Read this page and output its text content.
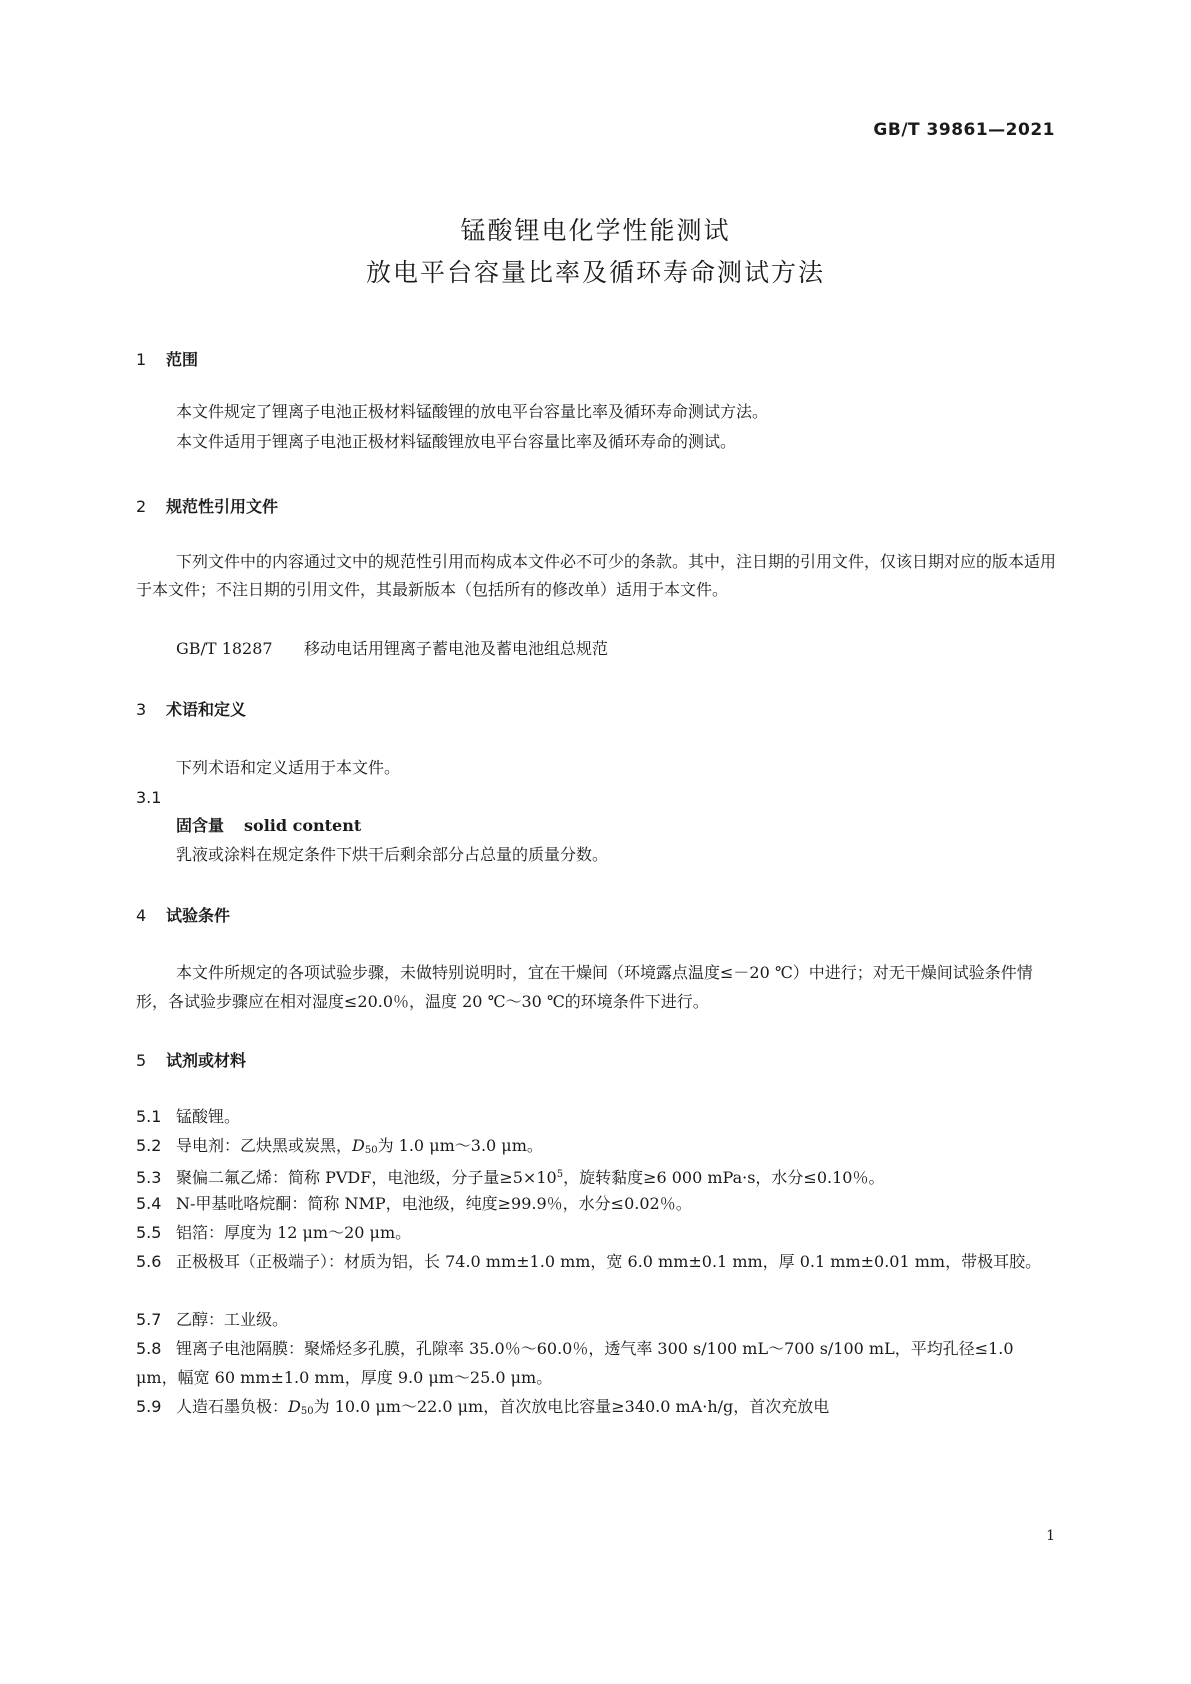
GB/T 39861—2021
锰酸锂电化学性能测试
放电平台容量比率及循环寿命测试方法
1 范围
本文件规定了锂离子电池正极材料锰酸锂的放电平台容量比率及循环寿命测试方法。
本文件适用于锂离子电池正极材料锰酸锂放电平台容量比率及循环寿命的测试。
2 规范性引用文件
下列文件中的内容通过文中的规范性引用而构成本文件必不可少的条款。其中，注日期的引用文件，仅该日期对应的版本适用于本文件；不注日期的引用文件，其最新版本（包括所有的修改单）适用于本文件。
GB/T 18287 移动电话用锂离子蓄电池及蓄电池组总规范
3 术语和定义
下列术语和定义适用于本文件。
3.1
固含量 solid content
乳液或涂料在规定条件下烘干后剩余部分占总量的质量分数。
4 试验条件
本文件所规定的各项试验步骤，未做特别说明时，宜在干燥间（环境露点温度≤－20 ℃）中进行；对无干燥间试验条件情形，各试验步骤应在相对湿度≤20.0％，温度 20 ℃～30 ℃的环境条件下进行。
5 试剂或材料
5.1 锰酸锂。
5.2 导电剂：乙炔黑或炭黑，$D_{50}$为 1.0 μm～3.0 μm。
5.3 聚偏二氟乙烯：简称 PVDF，电池级，分子量$\ge 5\times 10^5$，旋转黏度≥6 000 mPa·s，水分≤0.10％。
5.4 N-甲基吡咯烷酮：简称 NMP，电池级，纯度≥99.9％，水分≤0.02％。
5.5 铝箔：厚度为 12 μm～20 μm。
5.6 正极极耳（正极端子）：材质为铝，长 74.0 mm±1.0 mm，宽 6.0 mm±0.1 mm，厚 0.1 mm±0.01 mm，带极耳胶。
5.7 乙醇：工业级。
5.8 锂离子电池隔膜：聚烯烃多孔膜，孔隙率 35.0％～60.0％，透气率 300 s/100 mL～700 s/100 mL，平均孔径≤1.0 μm，幅宽 60 mm±1.0 mm，厚度 9.0 μm～25.0 μm。
5.9 人造石墨负极：$D_{50}$为 10.0 μm～22.0 μm，首次放电比容量≥340.0 mA·h/g，首次充放电
1
